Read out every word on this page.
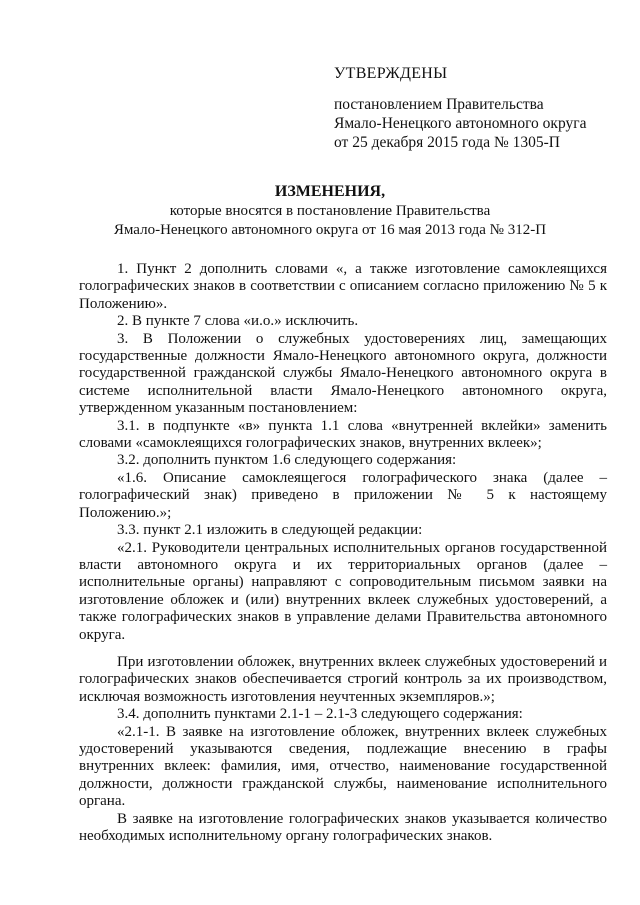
УТВЕРЖДЕНЫ
постановлением Правительства
Ямало-Ненецкого автономного округа
от 25 декабря 2015 года № 1305-П
ИЗМЕНЕНИЯ,
которые вносятся в постановление Правительства
Ямало-Ненецкого автономного округа от 16 мая 2013 года № 312-П

1. Пункт 2 дополнить словами «, а также изготовление самоклеящихся голографических знаков в соответствии с описанием согласно приложению № 5 к Положению».

2. В пункте 7 слова «и.о.» исключить.

3. В Положении о служебных удостоверениях лиц, замещающих государственные должности Ямало-Ненецкого автономного округа, должности государственной гражданской службы Ямало-Ненецкого автономного округа в системе исполнительной власти Ямало-Ненецкого автономного округа, утвержденном указанным постановлением:

3.1. в подпункте «в» пункта 1.1 слова «внутренней вклейки» заменить словами «самоклеящихся голографических знаков, внутренних вклеек»;

3.2. дополнить пунктом 1.6 следующего содержания:

«1.6. Описание самоклеящегося голографического знака (далее – голографический знак) приведено в приложении № 5 к настоящему Положению.»;

3.3. пункт 2.1 изложить в следующей редакции:

«2.1. Руководители центральных исполнительных органов государственной власти автономного округа и их территориальных органов (далее – исполнительные органы) направляют с сопроводительным письмом заявки на изготовление обложек и (или) внутренних вклеек служебных удостоверений, а также голографических знаков в управление делами Правительства автономного округа.

При изготовлении обложек, внутренних вклеек служебных удостоверений и голографических знаков обеспечивается строгий контроль за их производством, исключая возможность изготовления неучтенных экземпляров.»;

3.4. дополнить пунктами 2.1-1 – 2.1-3 следующего содержания:

«2.1-1. В заявке на изготовление обложек, внутренних вклеек служебных удостоверений указываются сведения, подлежащие внесению в графы внутренних вклеек: фамилия, имя, отчество, наименование государственной должности, должности гражданской службы, наименование исполнительного органа.

В заявке на изготовление голографических знаков указывается количество необходимых исполнительному органу голографических знаков.
